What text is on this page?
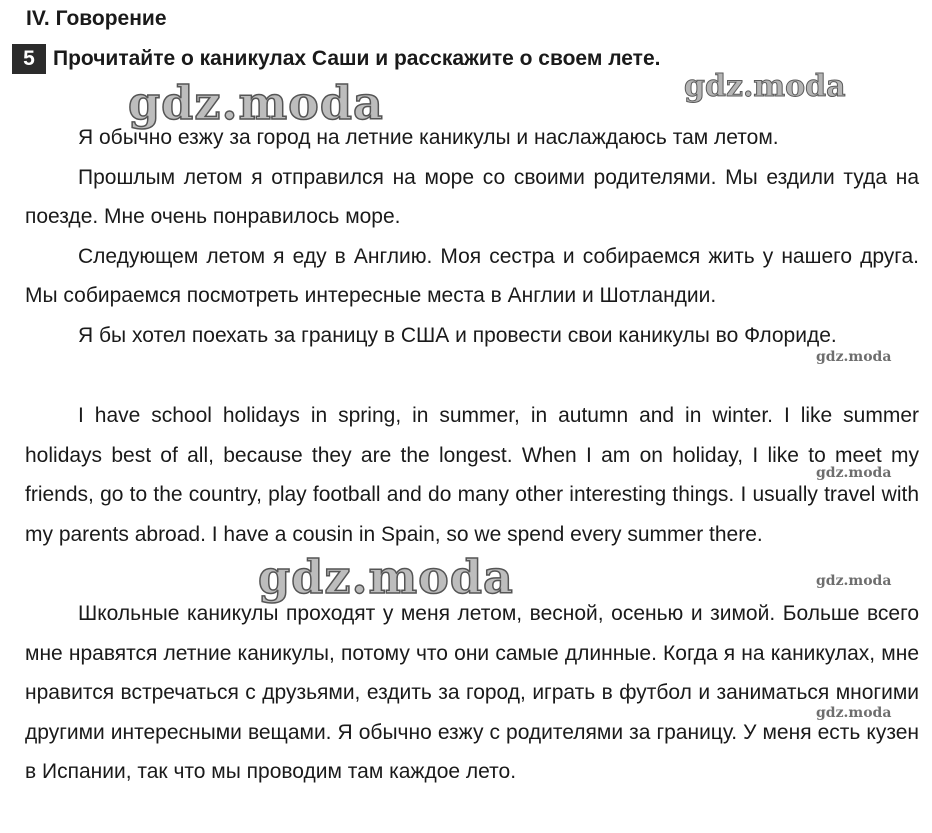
IV. Говорение
5 Прочитайте о каникулах Саши и расскажите о своем лете.

Я обычно езжу за город на летние каникулы и наслаждаюсь там летом.

Прошлым летом я отправился на море со своими родителями. Мы ездили туда на поезде. Мне очень понравилось море.

Следующем летом я еду в Англию. Моя сестра и собираемся жить у нашего друга. Мы собираемся посмотреть интересные места в Англии и Шотландии.

Я бы хотел поехать за границу в США и провести свои каникулы во Флориде.

I have school holidays in spring, in summer, in autumn and in winter. I like summer holidays best of all, because they are the longest. When I am on holiday, I like to meet my friends, go to the country, play football and do many other interesting things. I usually travel with my parents abroad. I have a cousin in Spain, so we spend every summer there.

Школьные каникулы проходят у меня летом, весной, осенью и зимой. Больше всего мне нравятся летние каникулы, потому что они самые длинные. Когда я на каникулах, мне нравится встречаться с друзьями, ездить за город, играть в футбол и заниматься многими другими интересными вещами. Я обычно езжу с родителями за границу. У меня есть кузен в Испании, так что мы проводим там каждое лето.

gdz.moda	gdz.moda
gdz.moda
gdz.moda
gdz.moda
gdz.moda
gdz.moda
